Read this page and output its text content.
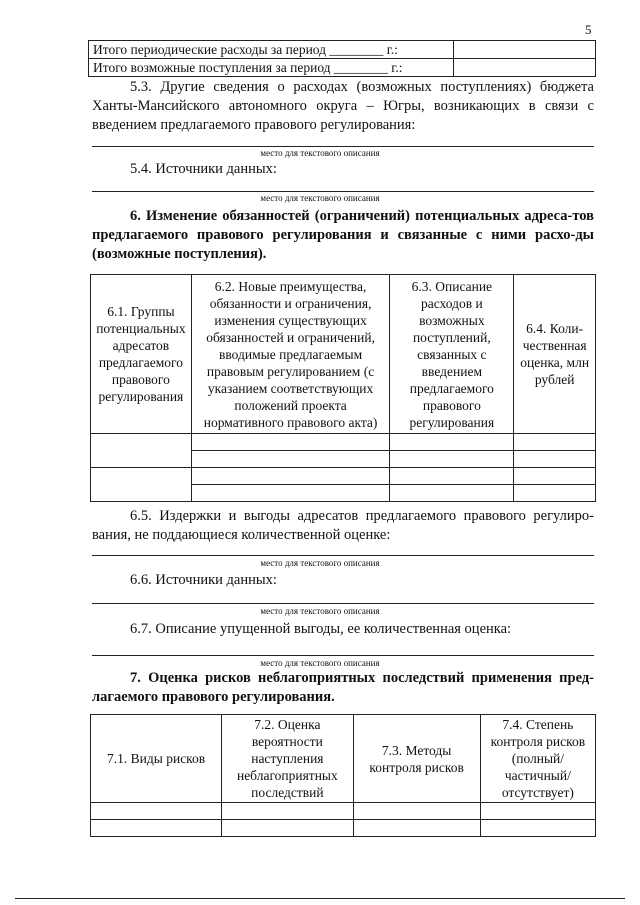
5
Итого периодические расходы за период ________ г.:	
Итого возможные поступления за период ________ г.:	
5.3. Другие сведения о расходах (возможных поступлениях) бюджета Ханты-Мансийского автономного округа – Югры, возникающих в связи с введением предлагаемого правового регулирования:
место для текстового описания
5.4. Источники данных:
место для текстового описания
6. Изменение обязанностей (ограничений) потенциальных адреса-тов предлагаемого правового регулирования и связанные с ними расхо-ды (возможные поступления).
6.1. Группы потенциальных адресатов предлагаемого правового регулирования	6.2. Новые преимущества, обязанности и ограничения, изменения существующих обязанностей и ограничений, вводимые предлагаемым правовым регулированием (с указанием соответствующих положений проекта нормативного правового акта)	6.3. Описание расходов и возможных поступлений, связанных с введением предлагаемого правового регулирования	6.4. Коли-чественная оценка, млн рублей

6.5. Издержки и выгоды адресатов предлагаемого правового регулиро-вания, не поддающиеся количественной оценке:
место для текстового описания
6.6. Источники данных:
место для текстового описания
6.7. Описание упущенной выгоды, ее количественная оценка:
место для текстового описания
7. Оценка рисков неблагоприятных последствий применения пред-лагаемого правового регулирования.
7.1. Виды рисков	7.2. Оценка вероятности наступления неблагоприятных последствий	7.3. Методы контроля рисков	7.4. Степень контроля рисков (полный/ частичный/ отсутствует)
